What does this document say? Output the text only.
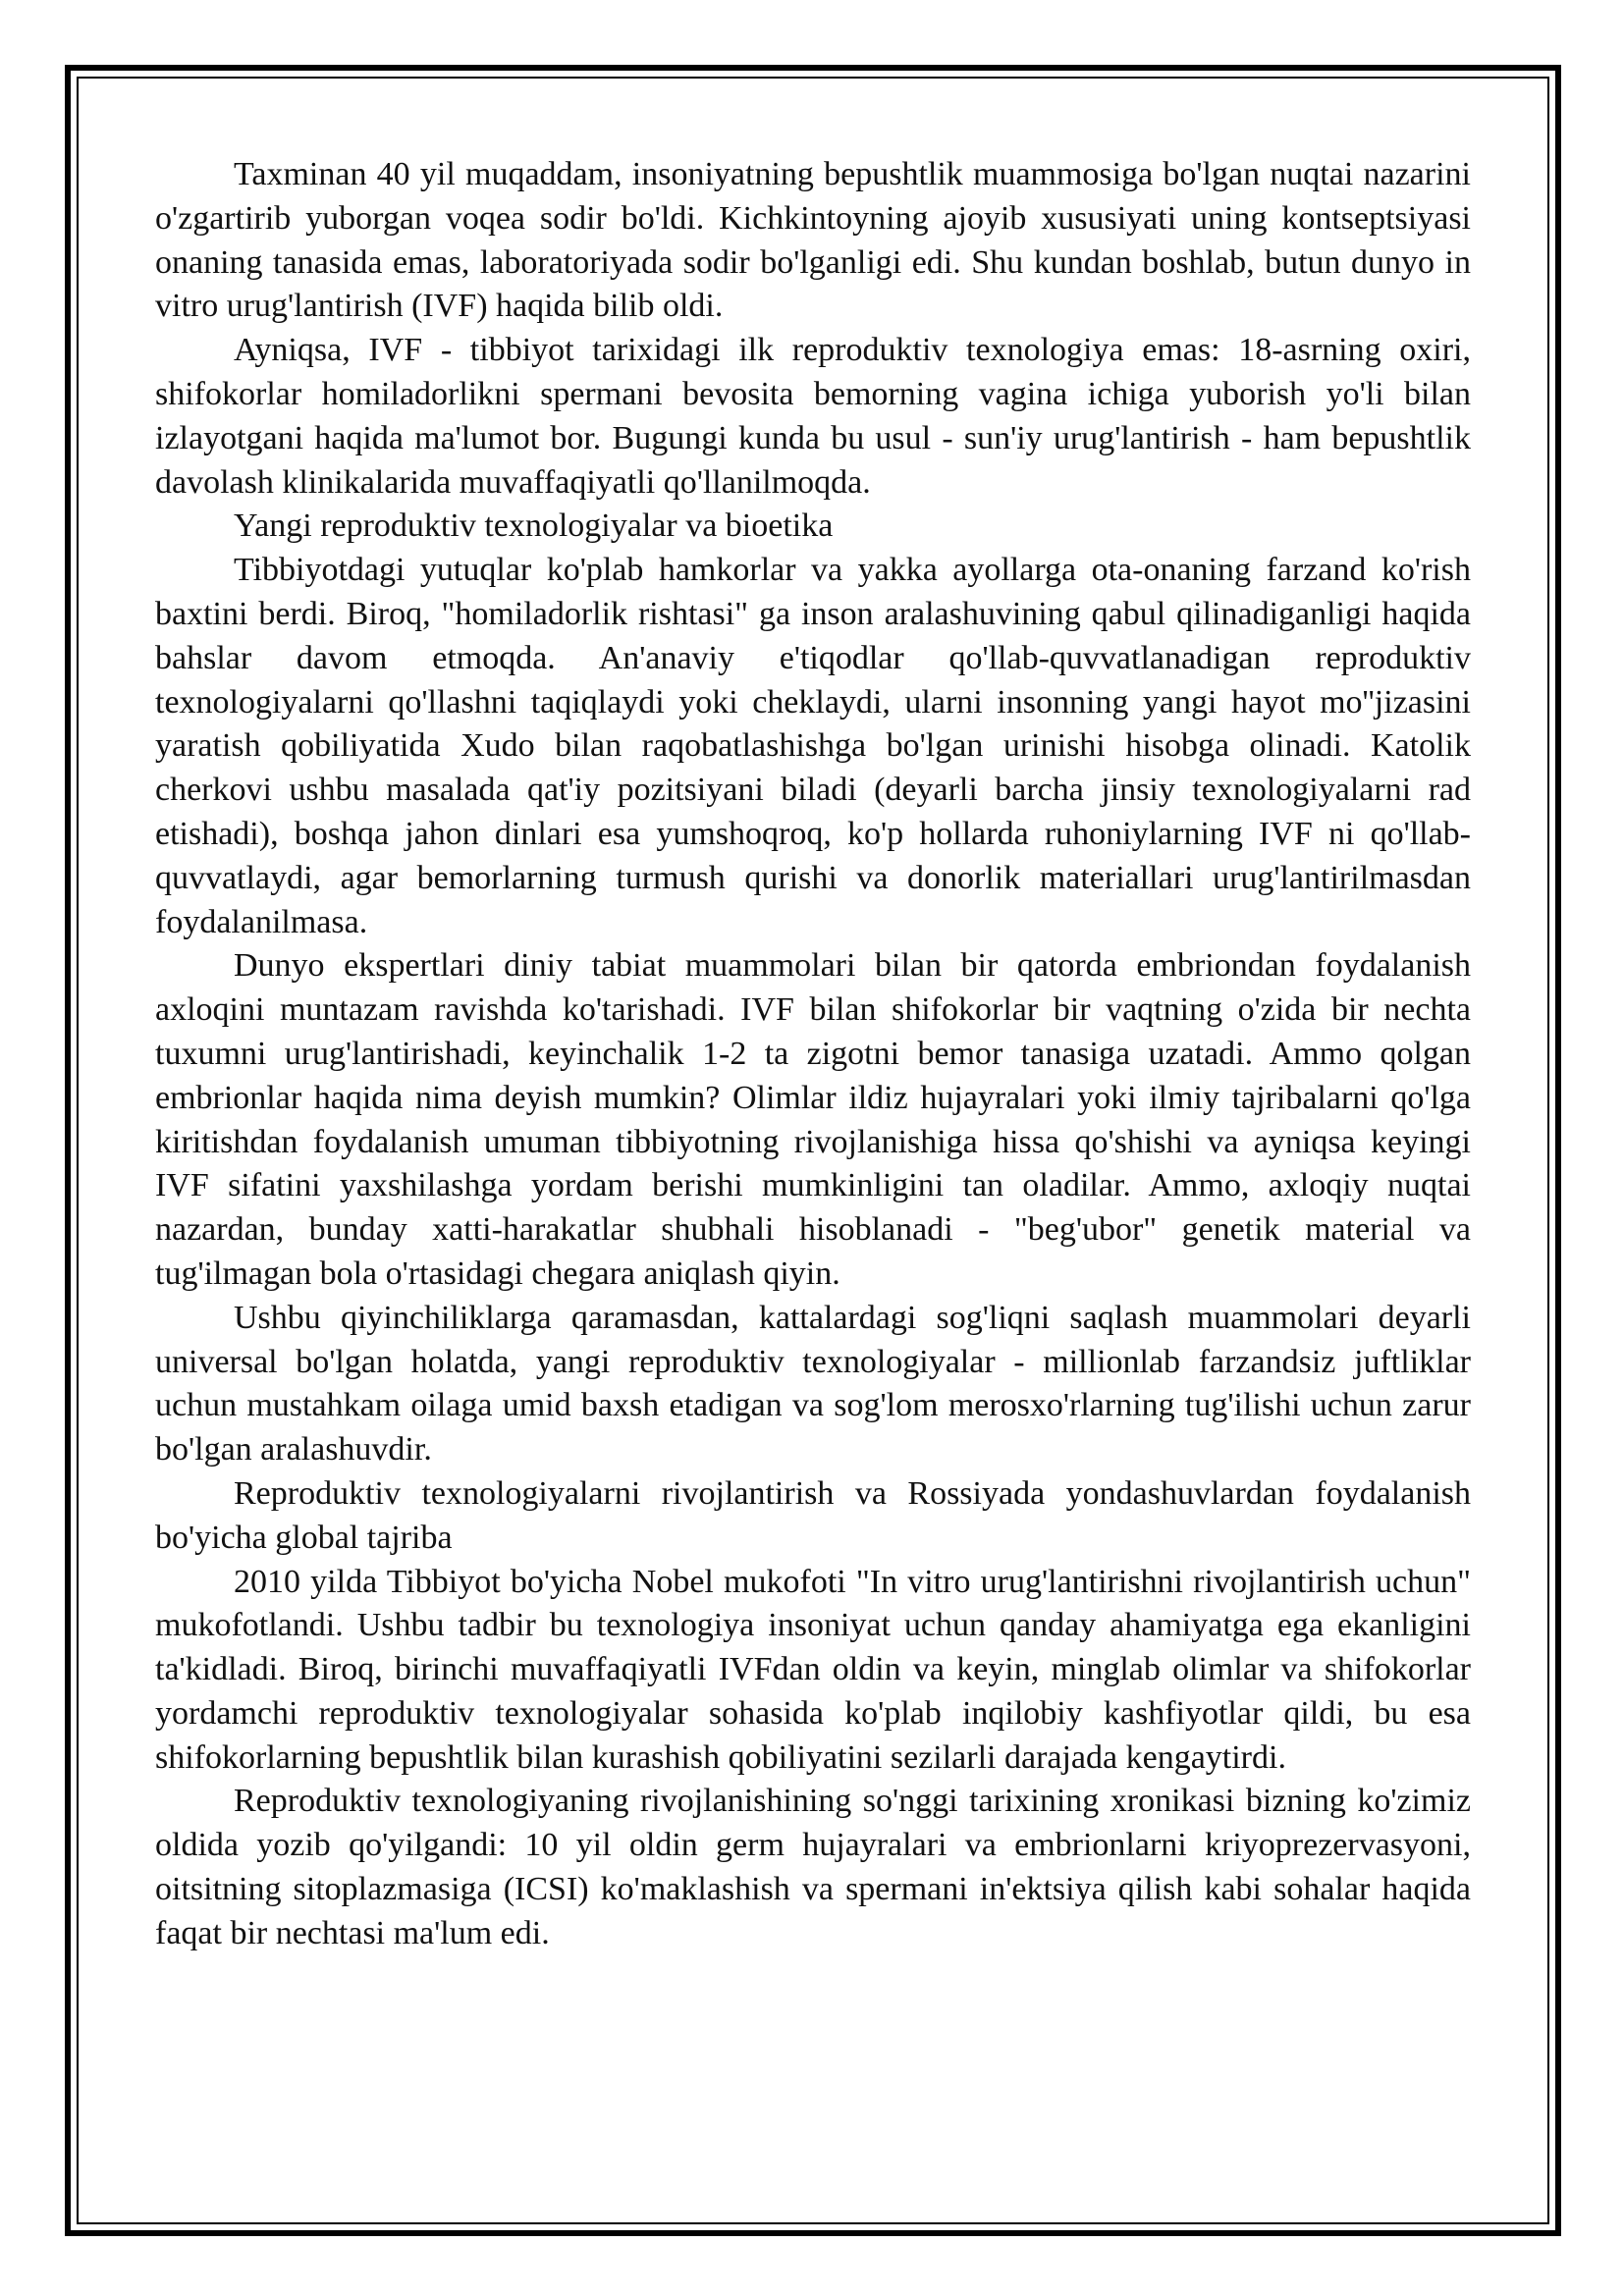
Taxminan 40 yil muqaddam, insoniyatning bepushtlik muammosiga bo'lgan nuqtai nazarini o'zgartirib yuborgan voqea sodir bo'ldi. Kichkintoyning ajoyib xususiyati uning kontseptsiyasi onaning tanasida emas, laboratoriyada sodir bo'lganligi edi. Shu kundan boshlab, butun dunyo in vitro urug'lantirish (IVF) haqida bilib oldi.

Ayniqsa, IVF - tibbiyot tarixidagi ilk reproduktiv texnologiya emas: 18-asrning oxiri, shifokorlar homiladorlikni spermani bevosita bemorning vagina ichiga yuborish yo'li bilan izlayotgani haqida ma'lumot bor. Bugungi kunda bu usul - sun'iy urug'lantirish - ham bepushtlik davolash klinikalarida muvaffaqiyatli qo'llanilmoqda.

Yangi reproduktiv texnologiyalar va bioetika

Tibbiyotdagi yutuqlar ko'plab hamkorlar va yakka ayollarga ota-onaning farzand ko'rish baxtini berdi. Biroq, "homiladorlik rishtasi" ga inson aralashuvining qabul qilinadiganligi haqida bahslar davom etmoqda. An'anaviy e'tiqodlar qo'llab-quvvatlanadigan reproduktiv texnologiyalarni qo'llashni taqiqlaydi yoki cheklaydi, ularni insonning yangi hayot mo''jizasini yaratish qobiliyatida Xudo bilan raqobatlashishga bo'lgan urinishi hisobga olinadi. Katolik cherkovi ushbu masalada qat'iy pozitsiyani biladi (deyarli barcha jinsiy texnologiyalarni rad etishadi), boshqa jahon dinlari esa yumshoqroq, ko'p hollarda ruhoniylarning IVF ni qo'llab-quvvatlaydi, agar bemorlarning turmush qurishi va donorlik materiallari urug'lantirilmasdan foydalanilmasa.

Dunyo ekspertlari diniy tabiat muammolari bilan bir qatorda embriondan foydalanish axloqini muntazam ravishda ko'tarishadi. IVF bilan shifokorlar bir vaqtning o'zida bir nechta tuxumni urug'lantirishadi, keyinchalik 1-2 ta zigotni bemor tanasiga uzatadi. Ammo qolgan embrionlar haqida nima deyish mumkin? Olimlar ildiz hujayralari yoki ilmiy tajribalarni qo'lga kiritishdan foydalanish umuman tibbiyotning rivojlanishiga hissa qo'shishi va ayniqsa keyingi IVF sifatini yaxshilashga yordam berishi mumkinligini tan oladilar. Ammo, axloqiy nuqtai nazardan, bunday xatti-harakatlar shubhali hisoblanadi - "beg'ubor" genetik material va tug'ilmagan bola o'rtasidagi chegara aniqlash qiyin.

Ushbu qiyinchiliklarga qaramasdan, kattalardagi sog'liqni saqlash muammolari deyarli universal bo'lgan holatda, yangi reproduktiv texnologiyalar - millionlab farzandsiz juftliklar uchun mustahkam oilaga umid baxsh etadigan va sog'lom merosxo'rlarning tug'ilishi uchun zarur bo'lgan aralashuvdir.

Reproduktiv texnologiyalarni rivojlantirish va Rossiyada yondashuvlardan foydalanish bo'yicha global tajriba

2010 yilda Tibbiyot bo'yicha Nobel mukofoti "In vitro urug'lantirishni rivojlantirish uchun" mukofotlandi. Ushbu tadbir bu texnologiya insoniyat uchun qanday ahamiyatga ega ekanligini ta'kidladi. Biroq, birinchi muvaffaqiyatli IVFdan oldin va keyin, minglab olimlar va shifokorlar yordamchi reproduktiv texnologiyalar sohasida ko'plab inqilobiy kashfiyotlar qildi, bu esa shifokorlarning bepushtlik bilan kurashish qobiliyatini sezilarli darajada kengaytirdi.

Reproduktiv texnologiyaning rivojlanishining so'nggi tarixining xronikasi bizning ko'zimiz oldida yozib qo'yilgandi: 10 yil oldin germ hujayralari va embrionlarni kriyoprezervasyoni, oitsitning sitoplazmasiga (ICSI) ko'maklashish va spermani in'ektsiya qilish kabi sohalar haqida faqat bir nechtasi ma'lum edi.
